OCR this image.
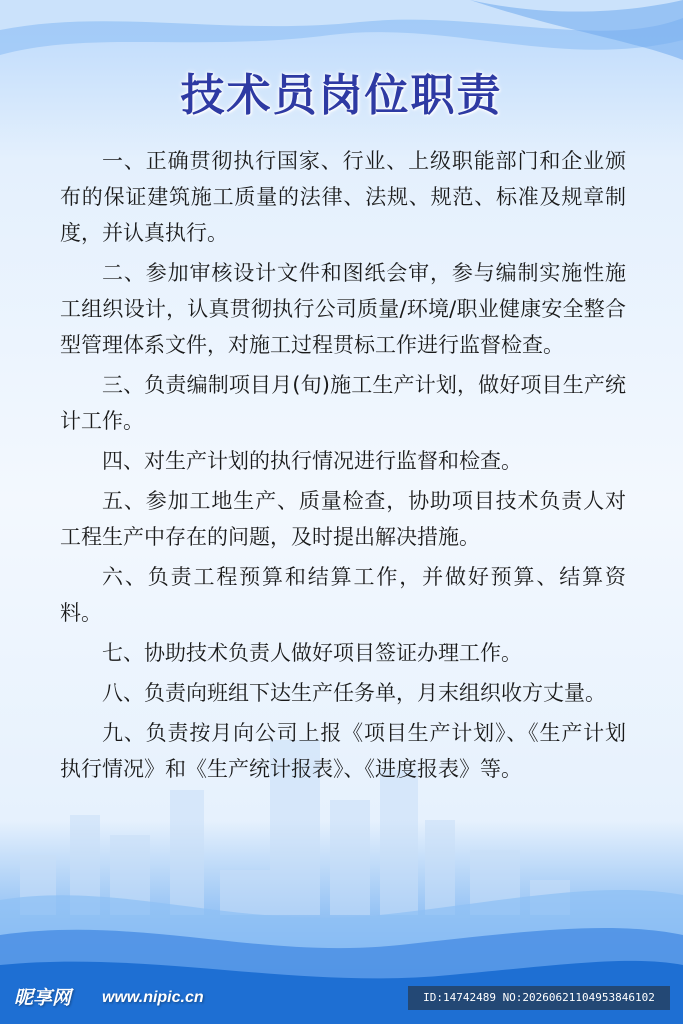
技术员岗位职责
一、正确贯彻执行国家、行业、上级职能部门和企业颁布的保证建筑施工质量的法律、法规、规范、标准及规章制度，并认真执行。
二、参加审核设计文件和图纸会审，参与编制实施性施工组织设计，认真贯彻执行公司质量/环境/职业健康安全整合型管理体系文件，对施工过程贯标工作进行监督检查。
三、负责编制项目月(旬)施工生产计划，做好项目生产统计工作。
四、对生产计划的执行情况进行监督和检查。
五、参加工地生产、质量检查，协助项目技术负责人对工程生产中存在的问题，及时提出解决措施。
六、负责工程预算和结算工作，并做好预算、结算资料。
七、协助技术负责人做好项目签证办理工作。
八、负责向班组下达生产任务单，月末组织收方丈量。
九、负责按月向公司上报《项目生产计划》、《生产计划执行情况》和《生产统计报表》、《进度报表》等。
昵享网 www.nipic.cn	ID:14742489 NO:20260621104953846102
